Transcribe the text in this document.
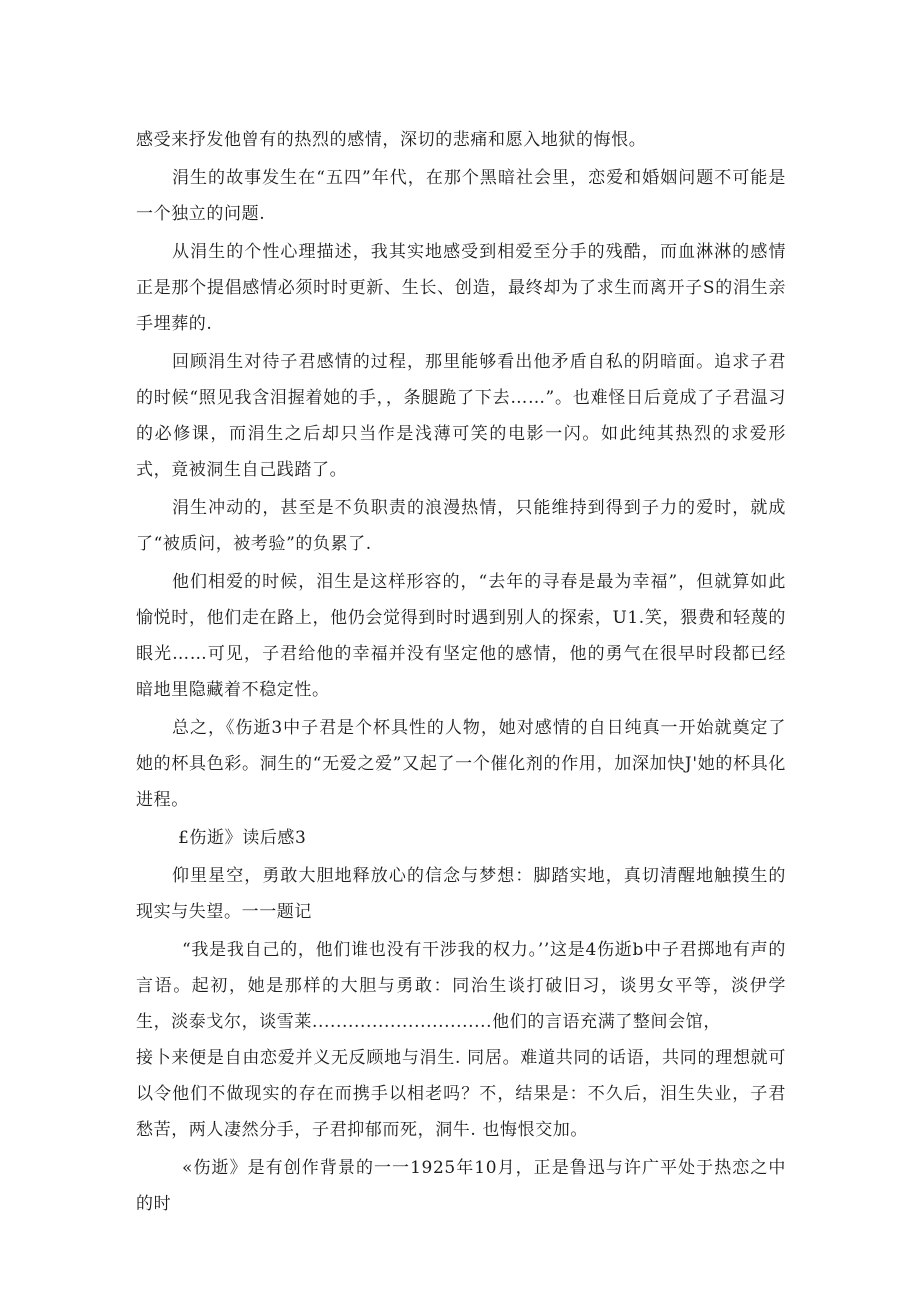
感受来抒发他曾有的热烈的感情，深切的悲痛和愿入地狱的悔恨。

涓生的故事发生在“五四”年代，在那个黑暗社会里，恋爱和婚姻问题不可能是一个独立的问题.

从涓生的个性心理描述，我其实地感受到相爱至分手的残酷，而血淋淋的感情正是那个提倡感情必须时时更新、生长、创造，最终却为了求生而离开子S的涓生亲手埋葬的.

回顾涓生对待子君感情的过程，那里能够看出他矛盾自私的阴暗面。追求子君的时候“照见我含泪握着她的手，，条腿跪了下去……”。也难怪日后竟成了子君温习的必修课，而涓生之后却只当作是浅薄可笑的电影一闪。如此纯其热烈的求爱形式，竟被洞生自己践踏了。

涓生冲动的，甚至是不负职责的浪漫热情，只能维持到得到子力的爱时，就成了“被质问，被考验”的负累了.

他们相爱的时候，泪生是这样形容的，“去年的寻春是最为幸福”，但就算如此愉悦时，他们走在路上，他仍会觉得到时时遇到别人的探索，U1.笑，猥费和轻蔑的眼光……可见，子君给他的幸福并没有坚定他的感情，他的勇气在很早时段都已经暗地里隐藏着不稳定性。

总之，《伤逝3中子君是个杯具性的人物，她对感情的自日纯真一开始就奠定了她的杯具色彩。洞生的“无爱之爱”又起了一个催化剂的作用，加深加快J'她的杯具化进程。

£伤逝》读后感3

仰里星空，勇敢大胆地释放心的信念与梦想：脚踏实地，真切清醒地触摸生的现实与失望。一一题记

“我是我自己的，他们谁也没有干涉我的权力。’’这是4伤逝b中子君掷地有声的言语。起初，她是那样的大胆与勇敢：同治生谈打破旧习，谈男女平等，淡伊学生，淡泰戈尔，谈雪莱..............................他们的言语充满了整间会馆，

接卜来便是自由恋爱并义无反顾地与涓生. 同居。难道共同的话语，共同的理想就可以令他们不做现实的存在而携手以相老吗？不，结果是：不久后，泪生失业，子君愁苦，两人凄然分手，子君抑郁而死，洞牛. 也悔恨交加。

«伤逝》是有创作背景的一一1925年10月，正是鲁迅与许广平处于热恋之中的时
